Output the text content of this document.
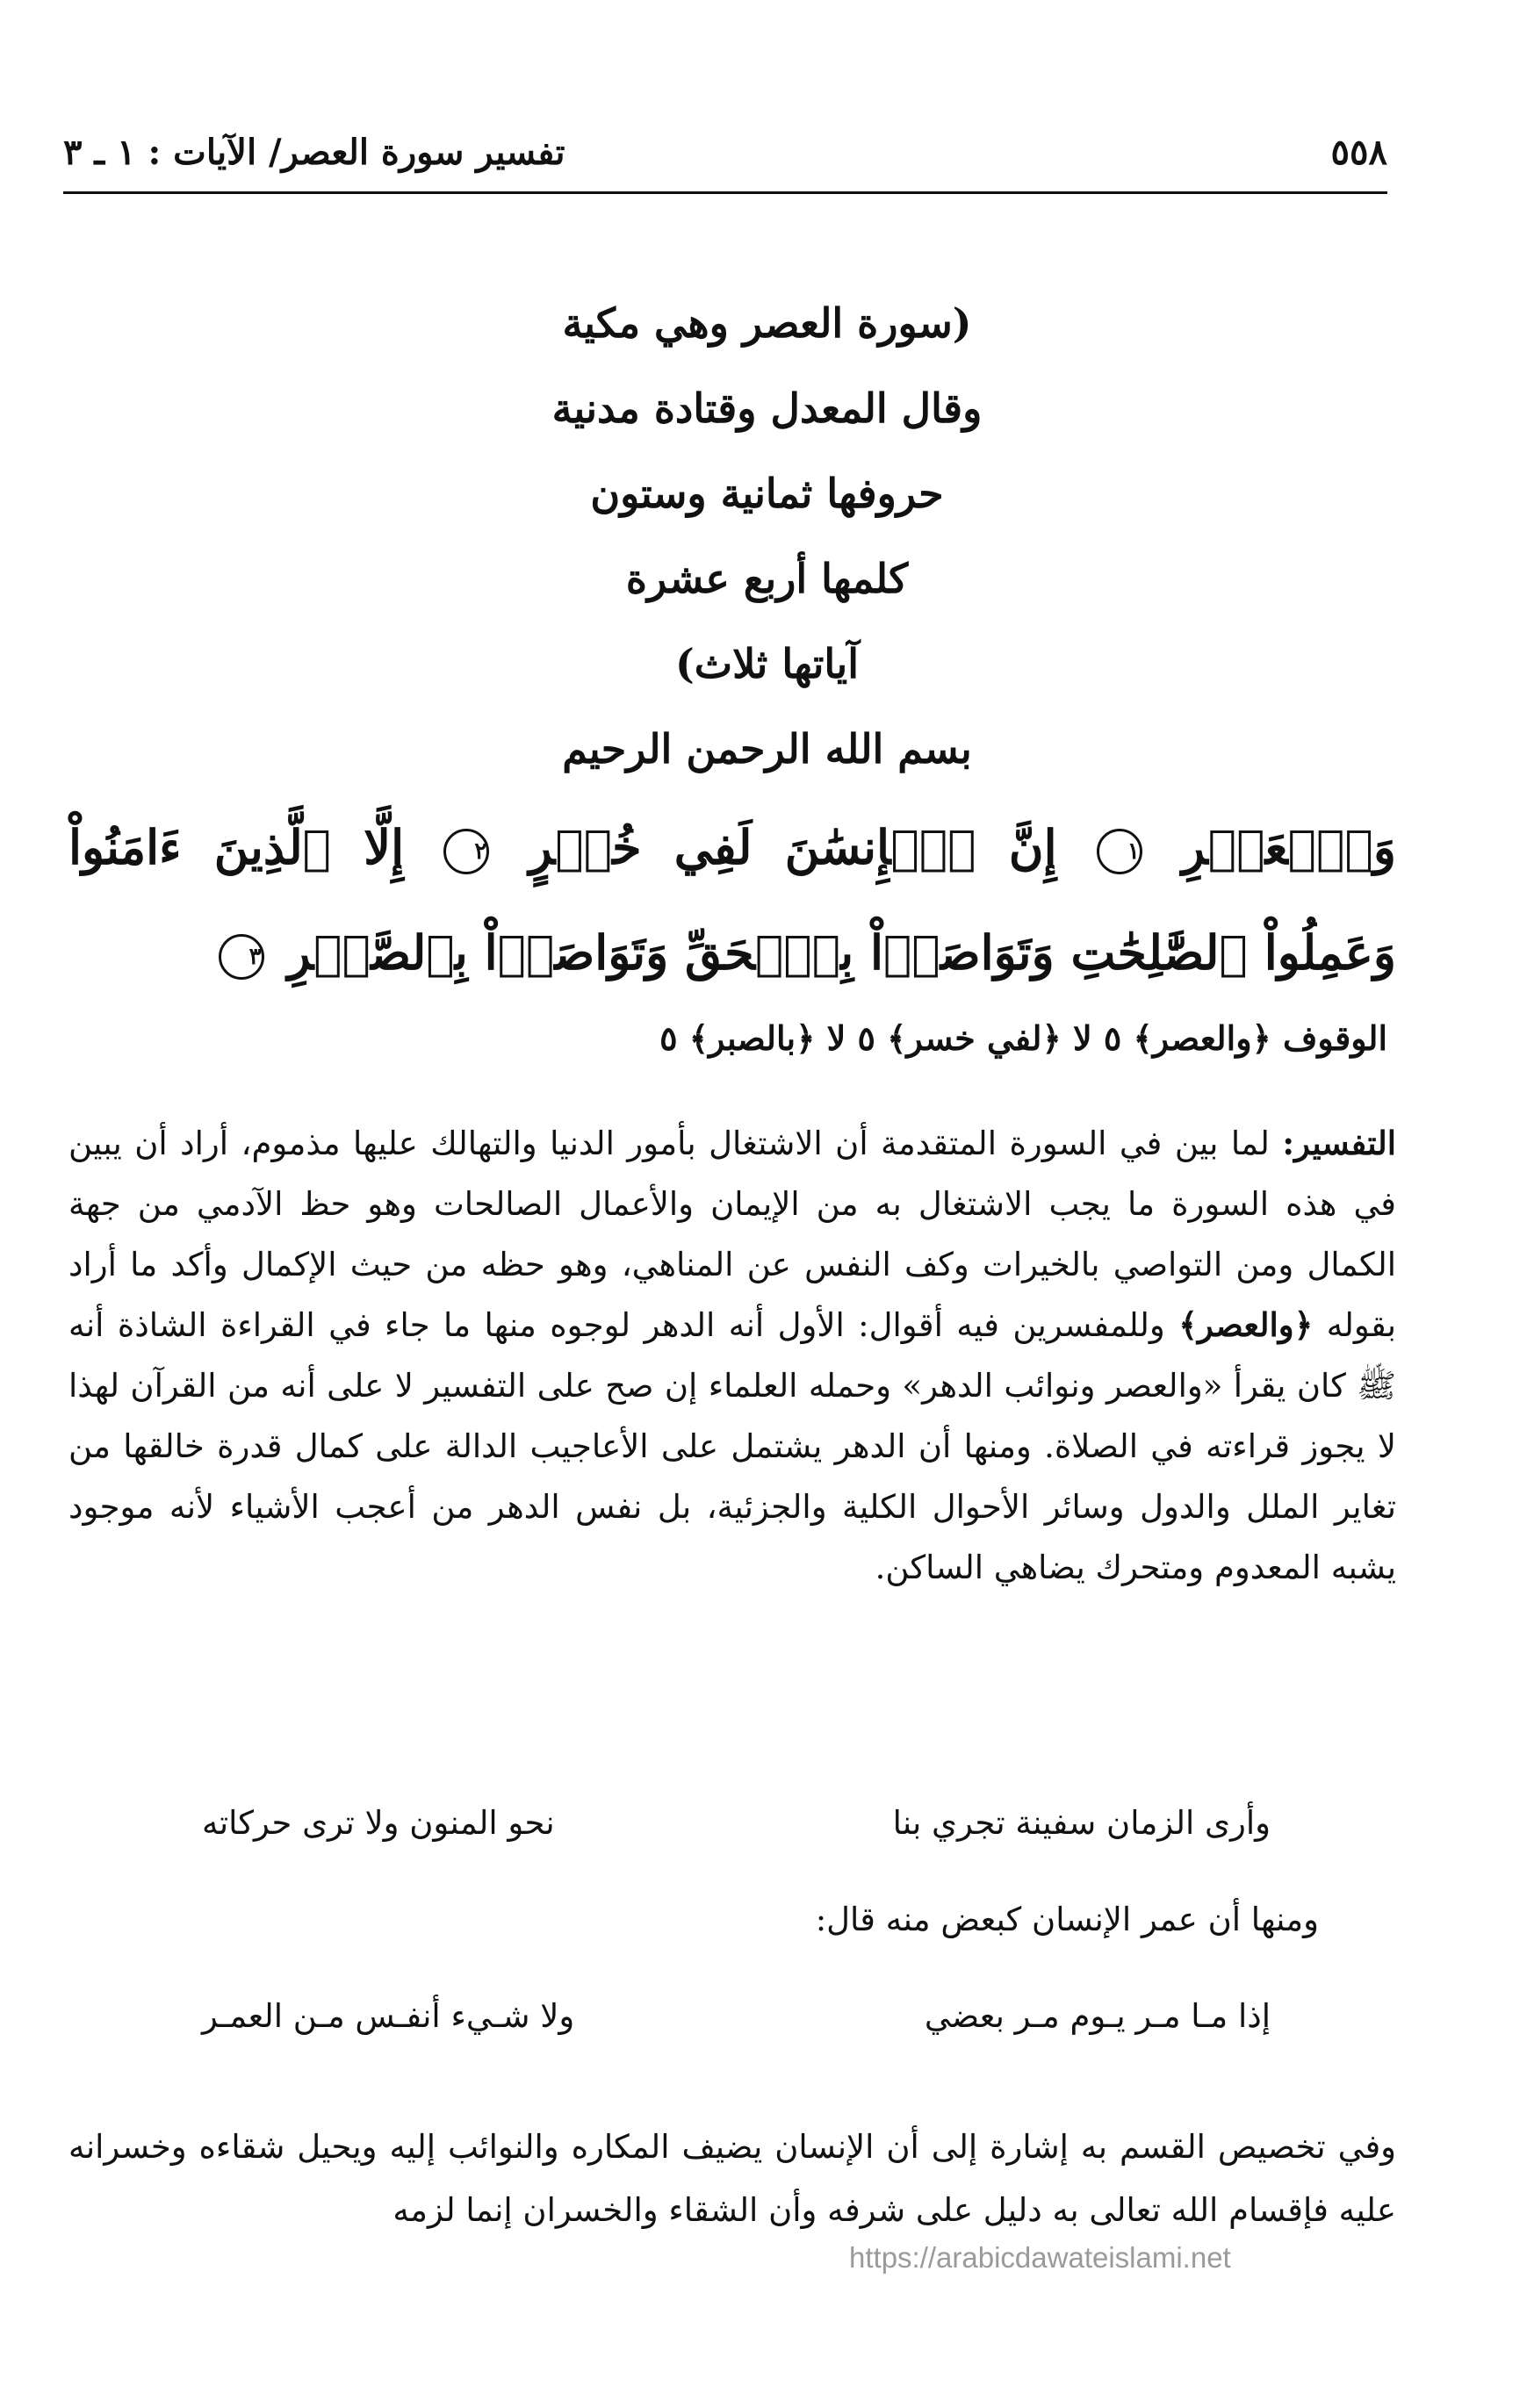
٥٥٨
تفسير سورة العصر/ الآيات : ١ ـ ٣
(سورة العصر وهي مكية
وقال المعدل وقتادة مدنية
حروفها ثمانية وستون
كلمها أربع عشرة
آياتها ثلاث)
بسم الله الرحمن الرحيم
وَٱلۡعَصۡرِ ١ إِنَّ ٱلۡإِنسَٰنَ لَفِي خُسۡرٍ ٢ إِلَّا ٱلَّذِينَ ءَامَنُواْ وَعَمِلُواْ ٱلصَّٰلِحَٰتِ وَتَوَاصَوۡاْ بِٱلۡحَقِّ وَتَوَاصَوۡاْ بِٱلصَّبۡرِ ٣
الوقوف ﴿والعصر﴾ ٥ لا ﴿لفي خسر﴾ ٥ لا ﴿بالصبر﴾ ٥
التفسير: لما بين في السورة المتقدمة أن الاشتغال بأمور الدنيا والتهالك عليها مذموم، أراد أن يبين في هذه السورة ما يجب الاشتغال به من الإيمان والأعمال الصالحات وهو حظ الآدمي من جهة الكمال ومن التواصي بالخيرات وكف النفس عن المناهي، وهو حظه من حيث الإكمال وأكد ما أراد بقوله ﴿والعصر﴾ وللمفسرين فيه أقوال: الأول أنه الدهر لوجوه منها ما جاء في القراءة الشاذة أنه ﷺ كان يقرأ «والعصر ونوائب الدهر» وحمله العلماء إن صح على التفسير لا على أنه من القرآن لهذا لا يجوز قراءته في الصلاة. ومنها أن الدهر يشتمل على الأعاجيب الدالة على كمال قدرة خالقها من تغاير الملل والدول وسائر الأحوال الكلية والجزئية، بل نفس الدهر من أعجب الأشياء لأنه موجود يشبه المعدوم ومتحرك يضاهي الساكن.
وأرى الزمان سفينة تجري بنا
نحو المنون ولا ترى حركاته
ومنها أن عمر الإنسان كبعض منه قال:
إذا مـا مـر يـوم مـر بعضي
ولا شـيء أنفـس مـن العمـر
وفي تخصيص القسم به إشارة إلى أن الإنسان يضيف المكاره والنوائب إليه ويحيل شقاءه وخسرانه عليه فإقسام الله تعالى به دليل على شرفه وأن الشقاء والخسران إنما لزمه
https://arabicdawateislami.net
